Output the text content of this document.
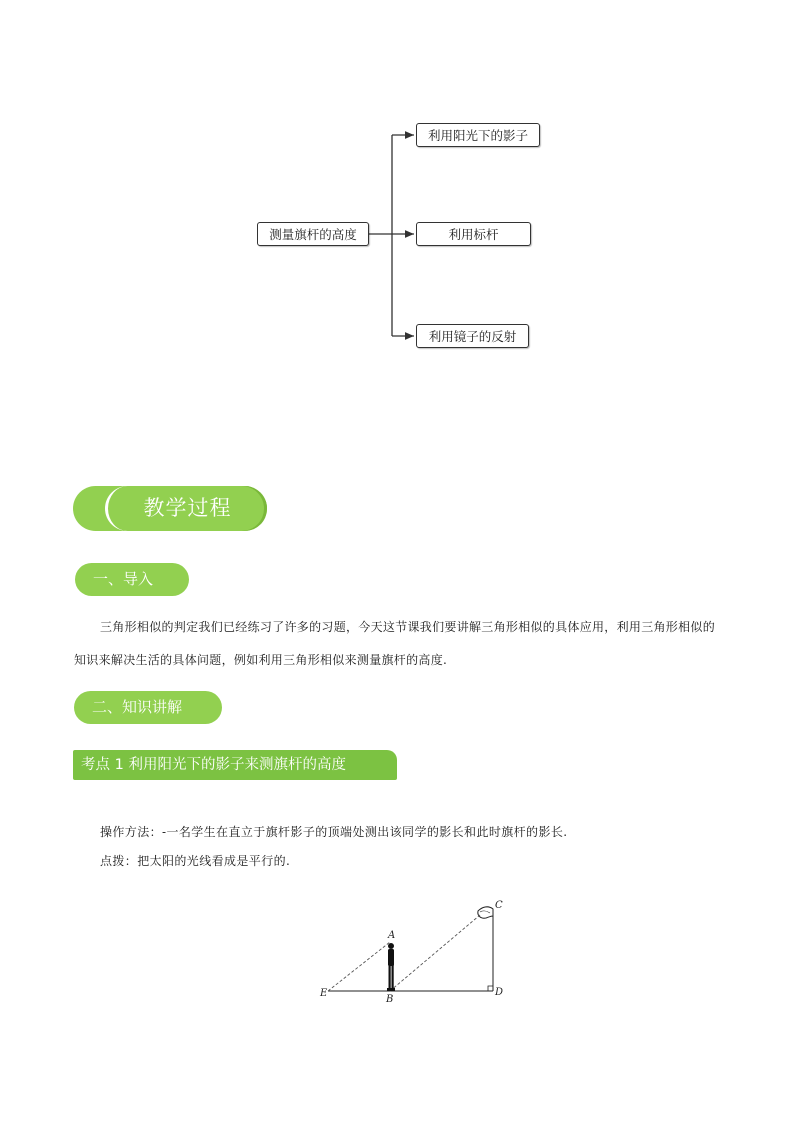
测量旗杆的高度
利用阳光下的影子
利用标杆
利用镜子的反射
教学过程
一、导入
三角形相似的判定我们已经练习了许多的习题，今天这节课我们要讲解三角形相似的具体应用，利用三角形相似的知识来解决生活的具体问题，例如利用三角形相似来测量旗杆的高度.
二、知识讲解
考点 1 利用阳光下的影子来测旗杆的高度
操作方法：-一名学生在直立于旗杆影子的顶端处测出该同学的影长和此时旗杆的影长.
点拨：把太阳的光线看成是平行的.
A
B
C
D
E
